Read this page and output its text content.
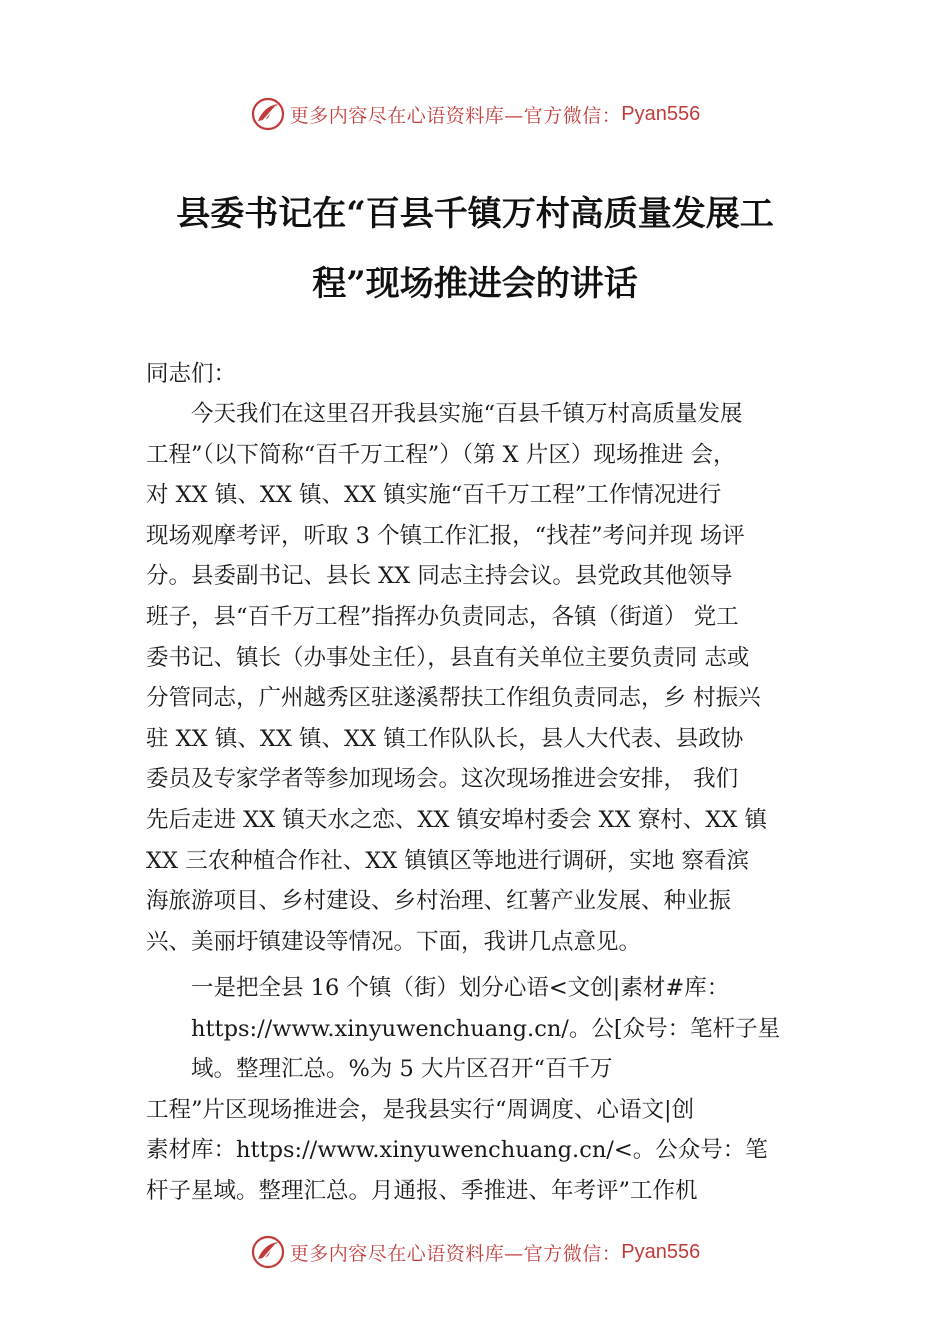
更多内容尽在心语资料库—官方微信： Pyan556
县委书记在“百县千镇万村高质量发展工
程”现场推进会的讲话
同志们：
　　今天我们在这里召开我县实施“百县千镇万村高质量发展
工程”（以下简称“百千万工程”）（第 X 片区）现场推进 会，
对 XX 镇、XX 镇、XX 镇实施“百千万工程”工作情况进行
现场观摩考评，听取 3 个镇工作汇报，“找茬”考问并现 场评
分。县委副书记、县长 XX 同志主持会议。县党政其他领导
班子，县“百千万工程”指挥办负责同志，各镇（街道） 党工
委书记、镇长（办事处主任），县直有关单位主要负责同 志或
分管同志，广州越秀区驻遂溪帮扶工作组负责同志，乡 村振兴
驻 XX 镇、XX 镇、XX 镇工作队队长，县人大代表、县政协
委员及专家学者等参加现场会。这次现场推进会安排， 我们
先后走进 XX 镇天水之恋、XX 镇安埠村委会 XX 寮村、XX 镇
XX 三农种植合作社、XX 镇镇区等地进行调研，实地 察看滨
海旅游项目、乡村建设、乡村治理、红薯产业发展、种业振
兴、美丽圩镇建设等情况。下面，我讲几点意见。
　　一是把全县 16 个镇（街）划分心语<文创|素材#库：
　　https://www.xinyuwenchuang.cn/。公[众号：笔杆子星
　　域。整理汇总。%为 5 大片区召开“百千万
工程”片区现场推进会，是我县实行“周调度、心语文|创
素材库：https://www.xinyuwenchuang.cn/<。公众号：笔
杆子星域。整理汇总。月通报、季推进、年考评”工作机
更多内容尽在心语资料库—官方微信： Pyan556
